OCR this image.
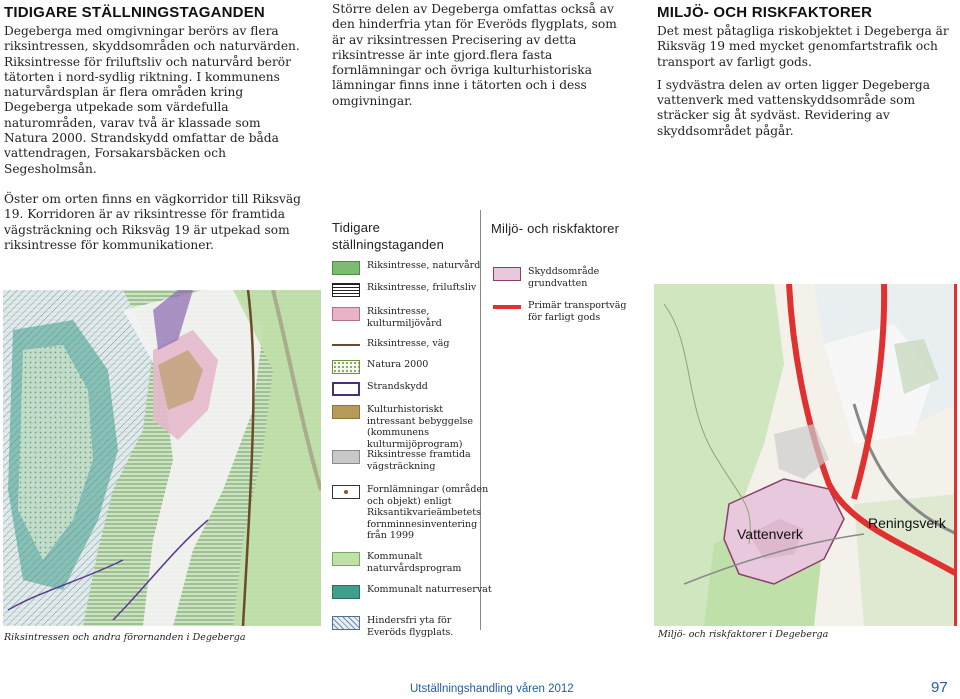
TIDIGARE STÄLLNINGSTAGANDEN

Degeberga med omgivningar berörs av flera riksintressen, skyddsområden och naturvärden. Riksintresse för friluftsliv och naturvård berör tätorten i nord-sydlig riktning. I kommunens naturvårdsplan är flera områden kring Degeberga utpekade som värdefulla naturområden, varav två är klassade som Natura 2000. Strandskydd omfattar de båda vattendragen, Forsakarsbäcken och Segesholmsån.

Öster om orten finns en vägkorridor till Riksväg 19. Korridoren är av riksintresse för framtida vägsträckning och Riksväg 19 är utpekad som riksintresse för kommunikationer.

Riksintressen och andra förornanden i Degeberga

Större delen av Degeberga omfattas också av den hinderfria ytan för Everöds flygplats, som är av riksintressen Precisering av detta riksintresse är inte gjord.flera fasta fornlämningar och övriga kulturhistoriska lämningar finns inne i tätorten och i dess omgivningar.

Tidigare ställningstaganden
Riksintresse, naturvård
Riksintresse, friluftsliv
Riksintresse, kulturmiljövård
Riksintresse, väg
Natura 2000
Strandskydd
Kulturhistoriskt intressant bebyggelse (kommunens kulturmijöprogram)
Riksintresse framtida vägsträckning
Fornlämningar (områden och objekt) enligt Riksantikvarieämbetets fornminnesinventering från 1999
Kommunalt naturvårdsprogram
Kommunalt naturreservat
Hindersfri yta för Everöds flygplats.
Miljö- och riskfaktorer
Skyddsområde grundvatten
Primär transportväg för farligt gods
MILJÖ- OCH RISKFAKTORER

Det mest påtagliga riskobjektet i Degeberga är Riksväg 19 med mycket genomfartstrafik och transport av farligt gods.

I sydvästra delen av orten ligger Degeberga vattenverk med vattenskyddsområde som sträcker sig åt sydväst. Revidering av skyddsområdet pågår.

Vattenverk
Reningsverk
Miljö- och riskfaktorer i Degeberga
Utställningshandling våren 2012	97
